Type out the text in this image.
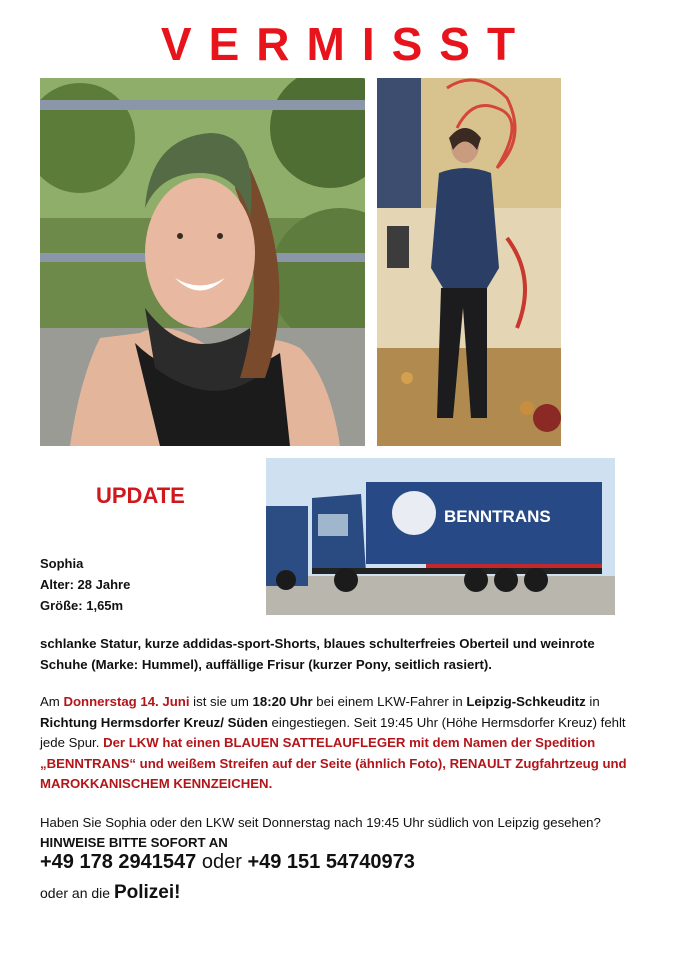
VERMISST
UPDATE
BENNTRANS
Sophia
Alter: 28 Jahre
Größe: 1,65m
schlanke Statur, kurze addidas-sport-Shorts, blaues schulterfreies Oberteil und weinrote Schuhe (Marke: Hummel), auffällige Frisur (kurzer Pony, seitlich rasiert).
Am Donnerstag 14. Juni ist sie um 18:20 Uhr bei einem LKW-Fahrer in Leipzig-Schkeuditz in Richtung Hermsdorfer Kreuz/ Süden eingestiegen. Seit 19:45 Uhr (Höhe Hermsdorfer Kreuz) fehlt jede Spur. Der LKW hat einen BLAUEN SATTELAUFLEGER mit dem Namen der Spedition „BENNTRANS“ und weißem Streifen auf der Seite (ähnlich Foto), RENAULT Zugfahrtzeug und MAROKKANISCHEM KENNZEICHEN.
Haben Sie Sophia oder den LKW seit Donnerstag nach 19:45 Uhr südlich von Leipzig gesehen?
HINWEISE BITTE SOFORT AN
+49 178 2941547 oder +49 151 54740973
oder an die Polizei!
